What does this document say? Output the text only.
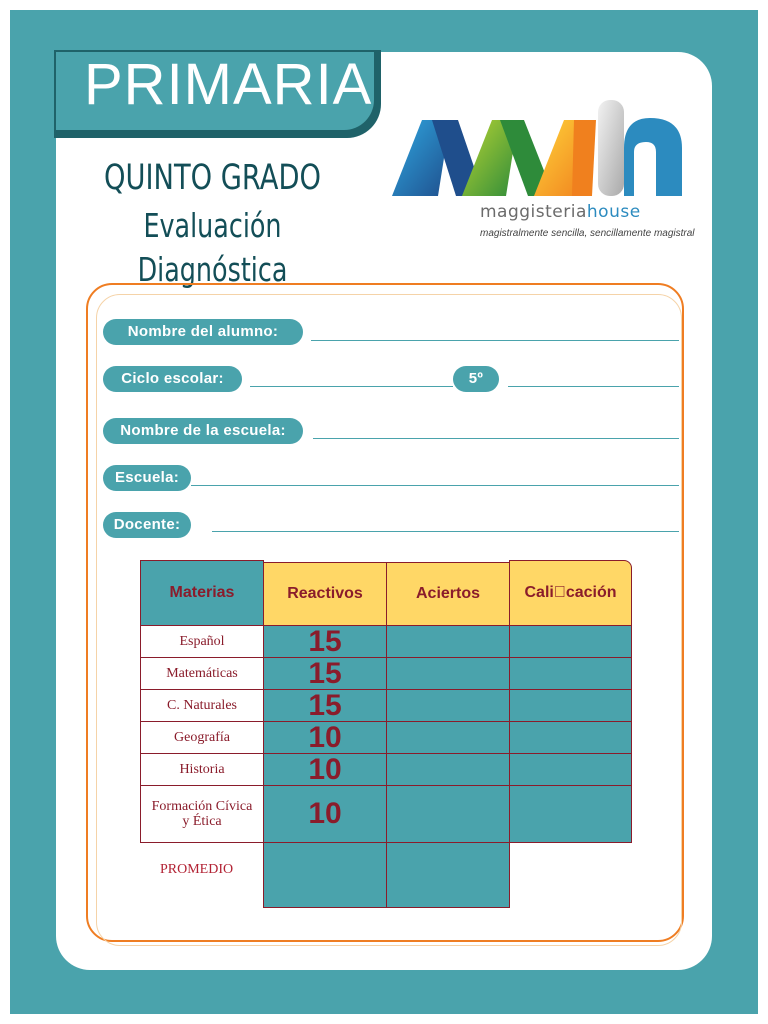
PRIMARIA
QUINTO GRADO
Evaluación Diagnóstica
maggisteriahouse
magistralmente sencilla, sencillamente magistral
Nombre del alumno:
Ciclo escolar:	5º
Nombre de la escuela:
Escuela:
Docente:
Materias	Reactivos	Aciertos	Cali cación
Español	15
Matemáticas	15
C. Naturales	15
Geografía	10
Historia	10
Formación Cívica y Ética	10
PROMEDIO
